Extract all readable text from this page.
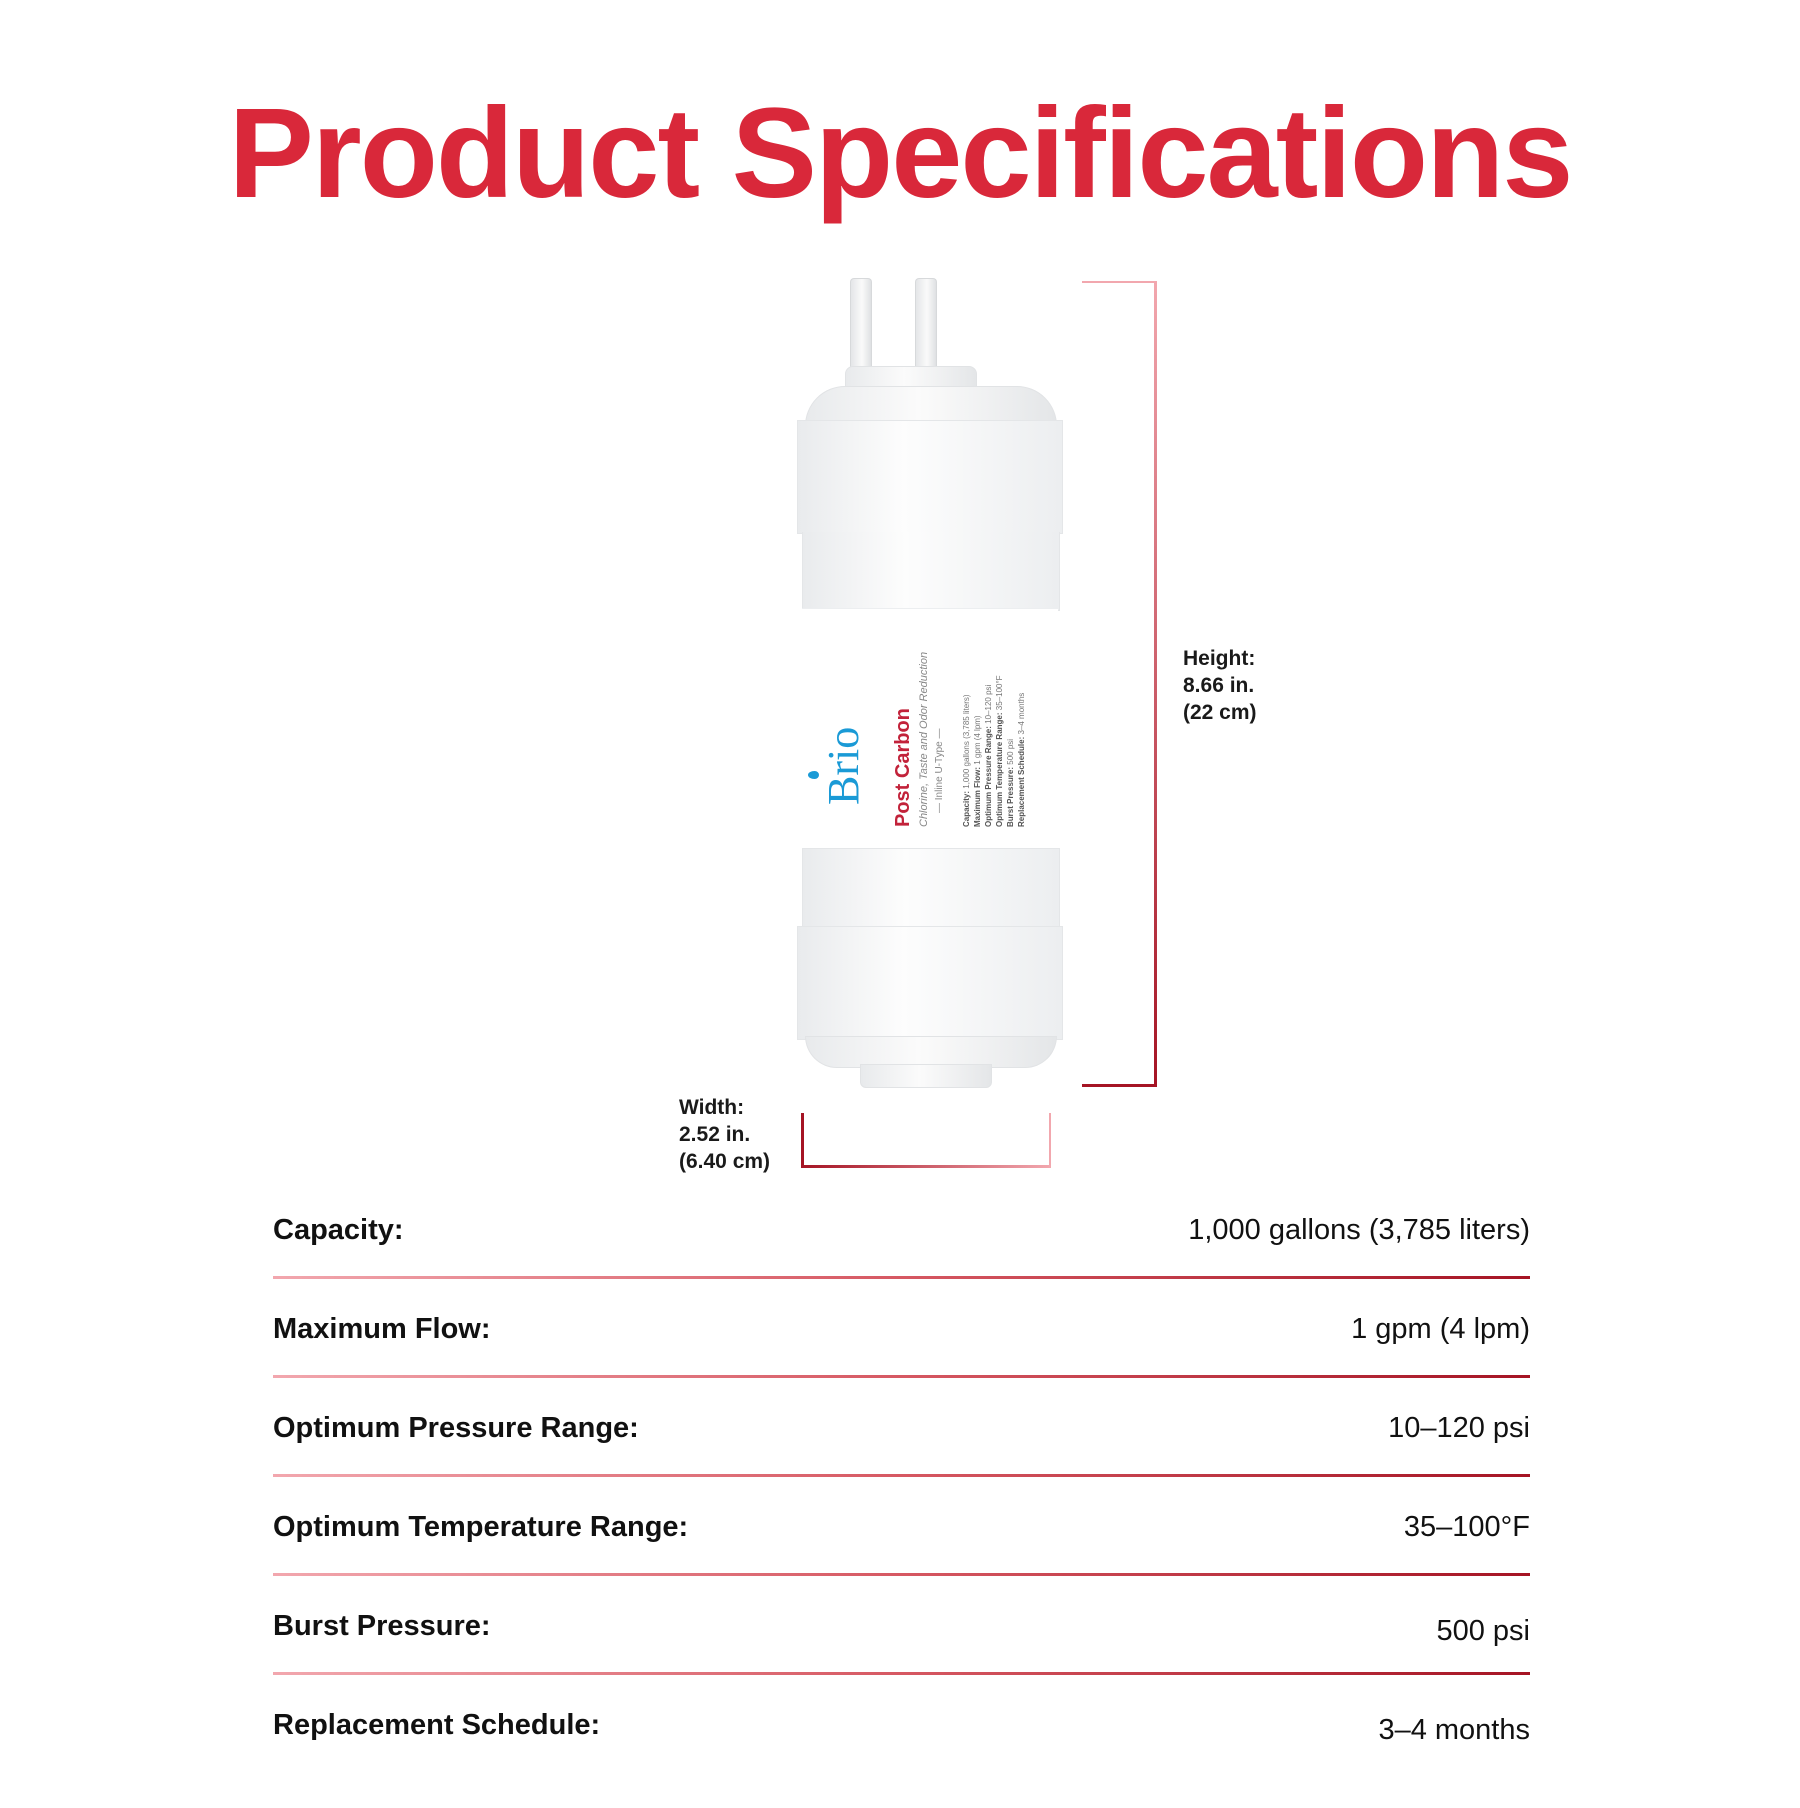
Product Specifications
Brio Post Carbon Chlorine, Taste and Odor Reduction — Inline U-Type — Capacity: 1,000 gallons (3,785 liters)
Maximum Flow: 1 gpm (4 lpm) Optimum Pressure Range: 10–120 psi
Optimum Temperature Range: 35–100°F
Burst Pressure: 500 psi Replacement Schedule: 3–4 months
Height:
8.66 in.
(22 cm)
Width:
2.52 in.
(6.40 cm)
Capacity:	1,000 gallons (3,785 liters)
Maximum Flow:	1 gpm (4 lpm)
Optimum Pressure Range:	10–120 psi
Optimum Temperature Range:	35–100°F
Burst Pressure:	500 psi
Replacement Schedule:	3–4 months
